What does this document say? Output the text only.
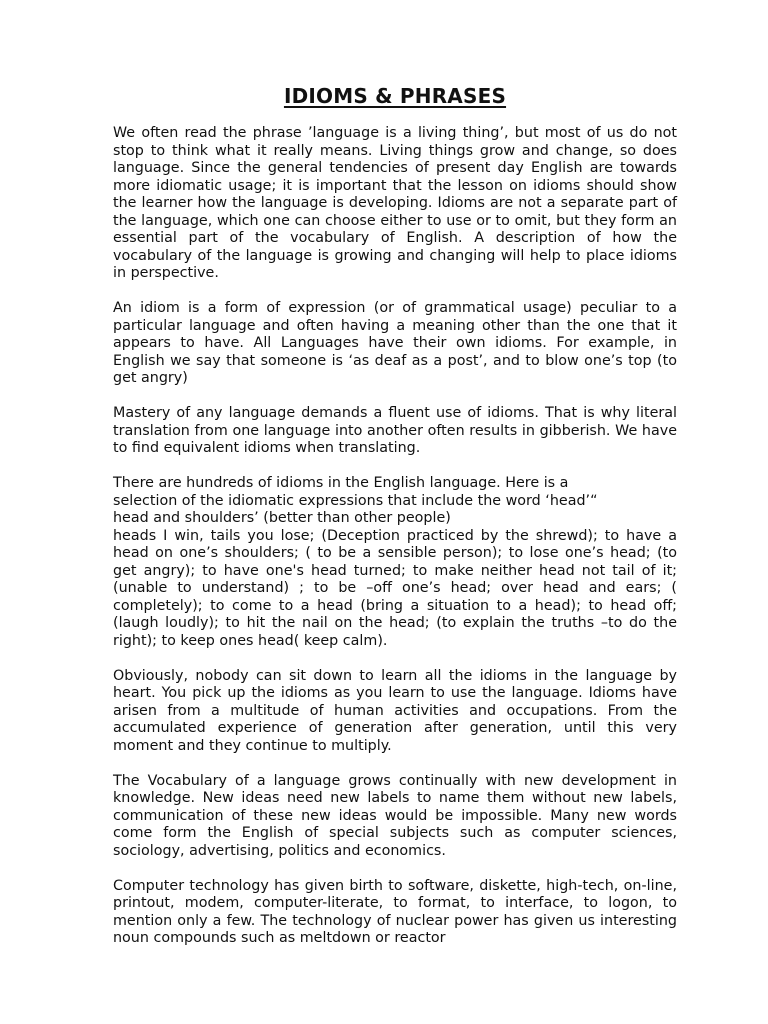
IDIOMS & PHRASES

We often read the phrase ’language is a living thing’, but most of us do not stop to think what it really means. Living things grow and change, so does language. Since the general tendencies of present day English are towards more idiomatic usage; it is important that the lesson on idioms should show the learner how the language is developing. Idioms are not a separate part of the language, which one can choose either to use or to omit, but they form an essential part of the vocabulary of English. A description of how the vocabulary of the language is growing and changing will help to place idioms in perspective.

An idiom is a form of expression (or of grammatical usage) peculiar to a particular language and often having a meaning other than the one that it appears to have. All Languages have their own idioms. For example, in English we say that someone is ‘as deaf as a post’, and to blow one’s top (to get angry)

Mastery of any language demands a fluent use of idioms. That is why literal translation from one language into another often results in gibberish. We have to find equivalent idioms when translating.

There are hundreds of idioms in the English language. Here is a
selection of the idiomatic expressions that include the word ‘head’“
head and shoulders’ (better than other people)

heads I win, tails you lose; (Deception practiced by the shrewd); to have a head on one’s shoulders; ( to be a sensible person); to lose one’s head; (to get angry); to have one's head turned; to make neither head not tail of it; (unable to understand) ; to be –off one’s head; over head and ears; ( completely); to come to a head (bring a situation to a head); to head off; (laugh loudly); to hit the nail on the head; (to explain the truths –to do the right); to keep ones head( keep calm).

Obviously, nobody can sit down to learn all the idioms in the language by heart. You pick up the idioms as you learn to use the language. Idioms have arisen from a multitude of human activities and occupations. From the accumulated experience of generation after generation, until this very moment and they continue to multiply.

The Vocabulary of a language grows continually with new development in knowledge. New ideas need new labels to name them without new labels, communication of these new ideas would be impossible. Many new words come form the English of special subjects such as computer sciences, sociology, advertising, politics and economics.

Computer technology has given birth to software, diskette, high-tech, on-line, printout, modem, computer-literate, to format, to interface, to logon, to mention only a few. The technology of nuclear power has given us interesting noun compounds such as meltdown or reactor
